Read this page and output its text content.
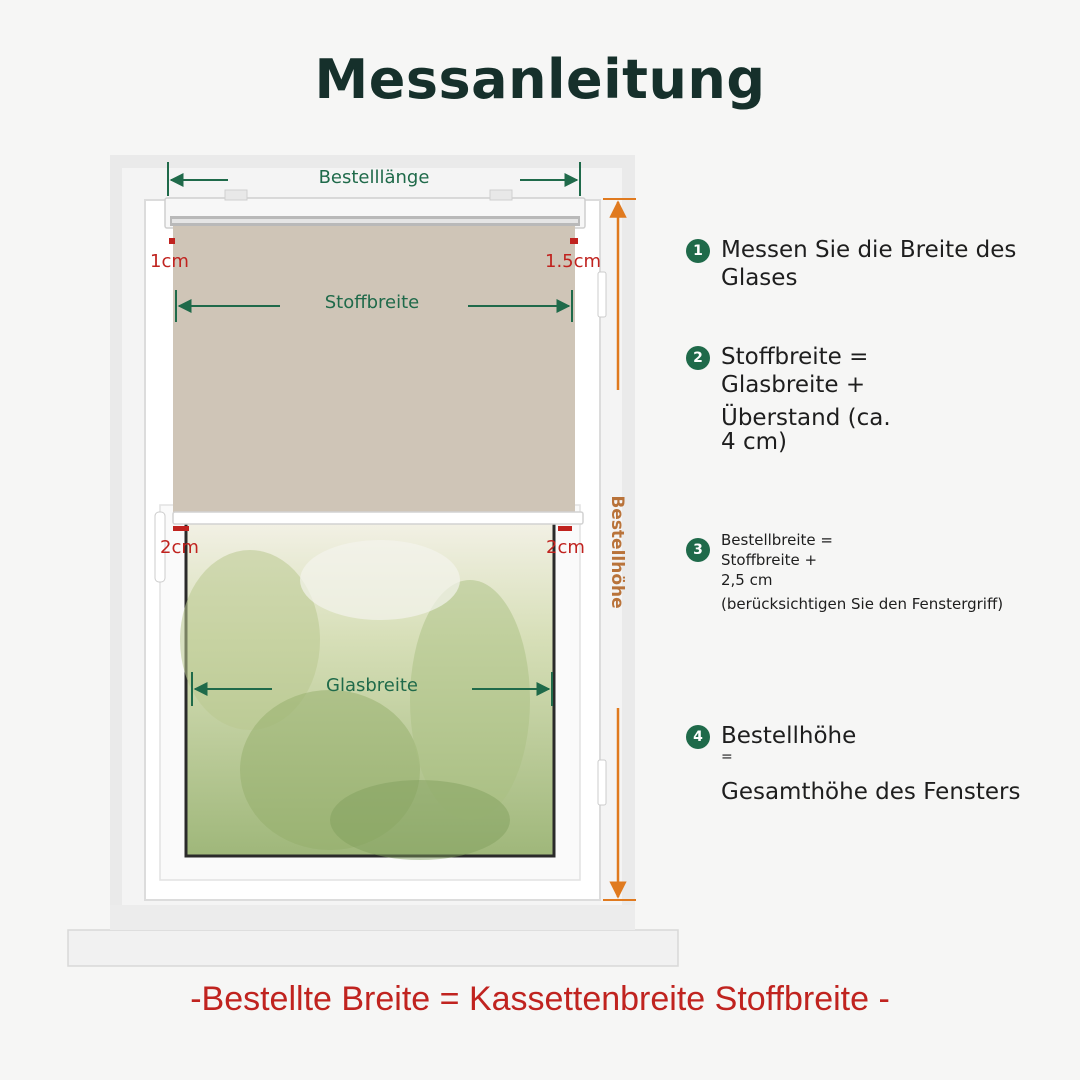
Messanleitung
Bestelllänge
Stoffbreite
Glasbreite
Bestellhöhe
1cm	1.5cm
2cm	2cm
1 Messen Sie die Breite des
Glases
2 Stoffbreite =
Glasbreite +
Überstand (ca.
4 cm)
3
Bestellbreite =
Stoffbreite +
2,5 cm
(berücksichtigen Sie den Fenstergriff)
4 Bestellhöhe
=
Gesamthöhe des Fensters
-Bestellte Breite = Kassettenbreite Stoffbreite -
